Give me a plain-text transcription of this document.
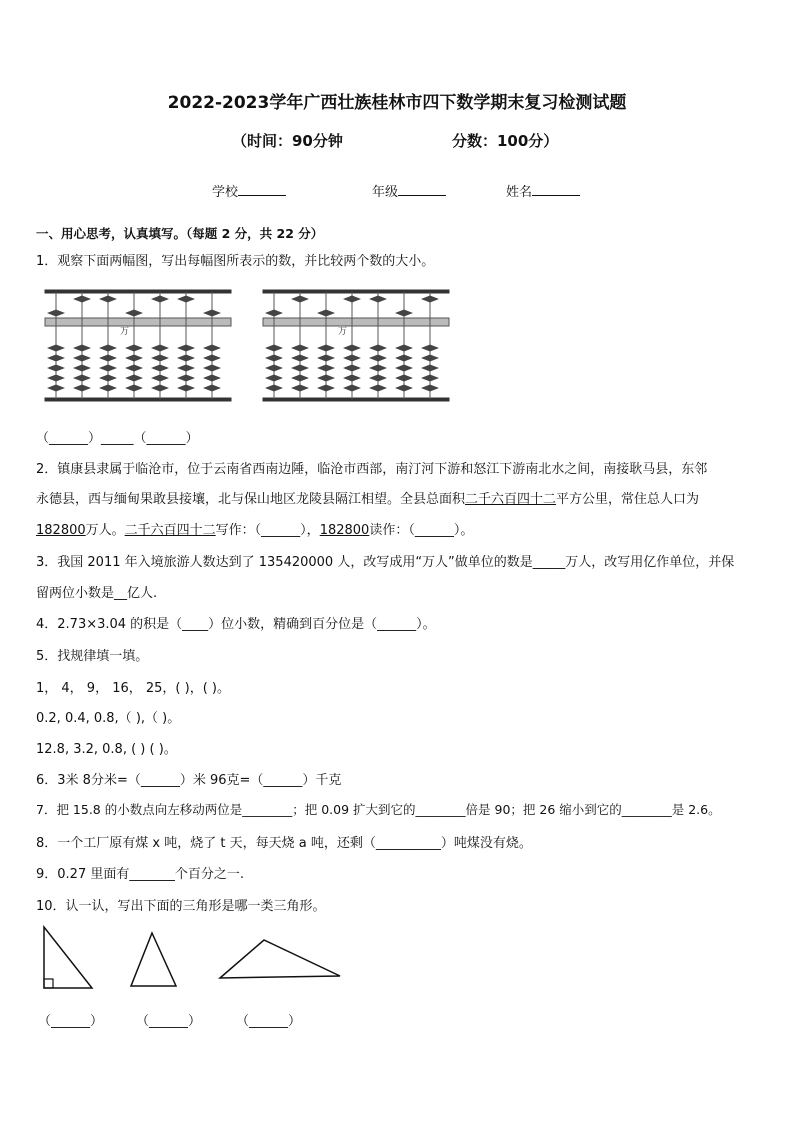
2022-2023学年广西壮族桂林市四下数学期末复习检测试题
（时间：90分钟	分数：100分）
学校	年级	姓名
一、用心思考，认真填写。（每题 2 分，共 22 分）
1．观察下面两幅图，写出每幅图所表示的数，并比较两个数的大小。
万	万
（______）_____（______）
2．镇康县隶属于临沧市，位于云南省西南边陲，临沧市西部，南汀河下游和怒江下游南北水之间，南接耿马县，东邻
永德县，西与缅甸果敢县接壤，北与保山地区龙陵县隔江相望。全县总面积二千六百四十二平方公里，常住总人口为
182800万人。二千六百四十二写作：（______），182800读作：（______）。
3．我国 2011 年入境旅游人数达到了 135420000 人，改写成用“万人”做单位的数是_____万人，改写用亿作单位，并保
留两位小数是__亿人.
4．2.73×3.04 的积是（____）位小数，精确到百分位是（______）。
5．找规律填一填。
1， 4， 9， 16， 25，( )，( )。
0.2, 0.4, 0.8,（ ),（ )。
12.8, 3.2, 0.8, ( ) ( )。
6．3米 8分米=（______）米 96克=（______）千克
7．把 15.8 的小数点向左移动两位是________；把 0.09 扩大到它的________倍是 90；把 26 缩小到它的________是 2.6。
8．一个工厂原有煤 x 吨，烧了 t 天，每天烧 a 吨，还剩（__________）吨煤没有烧。
9．0.27 里面有_______个百分之一.
10．认一认，写出下面的三角形是哪一类三角形。
（______）	（______）	（______）
